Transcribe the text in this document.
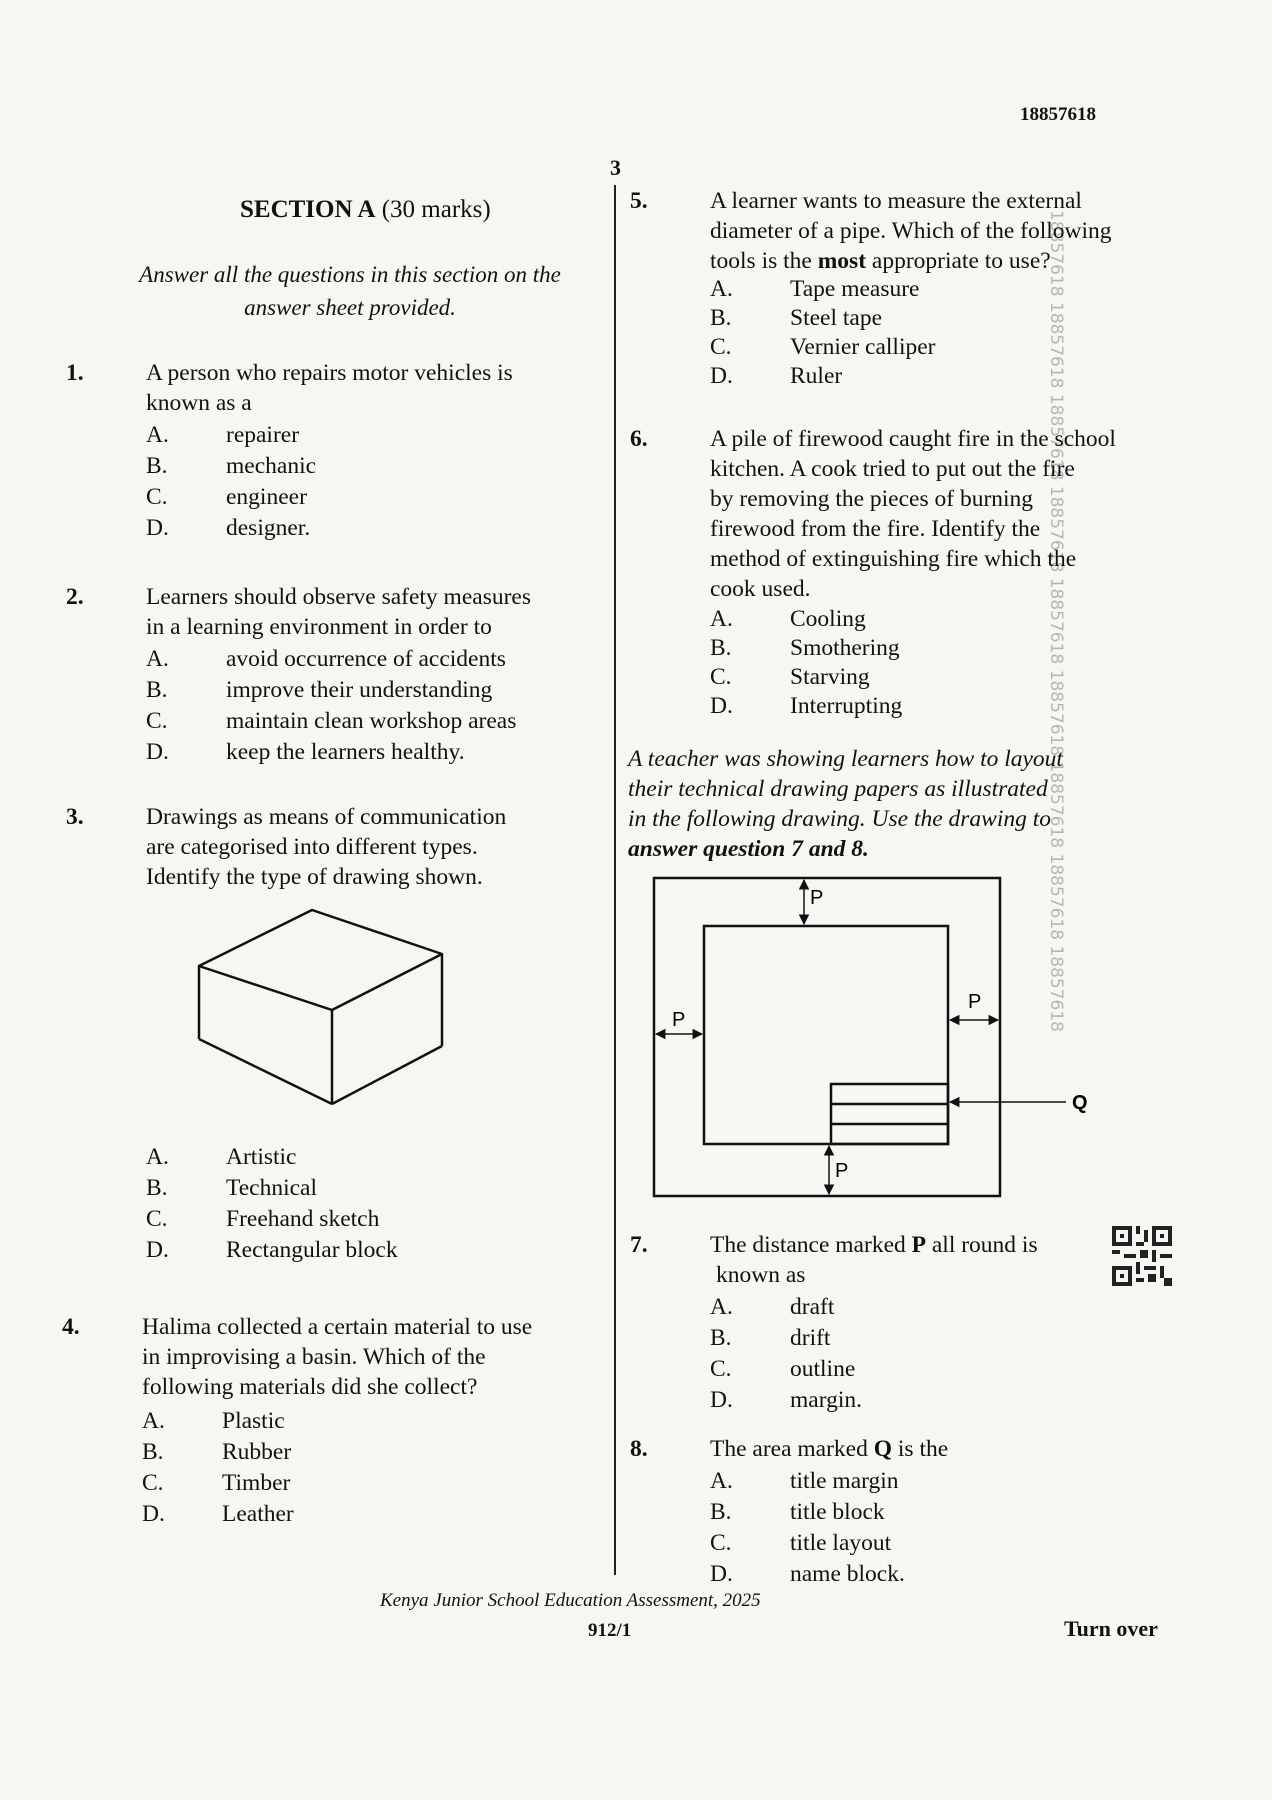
18857618
3
18857618 18857618 18857618 18857618 18857618 18857618 18857618 18857618 18857618
SECTION A (30 marks)
Answer all the questions in this section on the
answer sheet provided.
1.	A person who repairs motor vehicles is
known as a
A. repairer
B. mechanic
C. engineer
D. designer.
2.	Learners should observe safety measures
in a learning environment in order to
A. avoid occurrence of accidents
B. improve their understanding
C. maintain clean workshop areas
D. keep the learners healthy.
3.	Drawings as means of communication
are categorised into different types.
Identify the type of drawing shown.
A. Artistic
B. Technical
C. Freehand sketch
D. Rectangular block
4.	Halima collected a certain material to use
in improvising a basin. Which of the
following materials did she collect?
A. Plastic
B. Rubber
C. Timber
D. Leather
5.	A learner wants to measure the external
diameter of a pipe. Which of the following
tools is the most appropriate to use?
A. Tape measure
B. Steel tape
C. Vernier calliper
D. Ruler
6.	A pile of firewood caught fire in the school
kitchen. A cook tried to put out the fire
by removing the pieces of burning
firewood from the fire. Identify the
method of extinguishing fire which the
cook used.
A. Cooling
B. Smothering
C. Starving
D. Interrupting
A teacher was showing learners how to layout
their technical drawing papers as illustrated
in the following drawing. Use the drawing to
answer question 7 and 8.
P
P
P
P
Q
7.	The distance marked P all round is
known as
A. draft
B. drift
C. outline
D. margin.
8.	The area marked Q is the
A. title margin
B. title block
C. title layout
D. name block.
Kenya Junior School Education Assessment, 2025
912/1	Turn over
